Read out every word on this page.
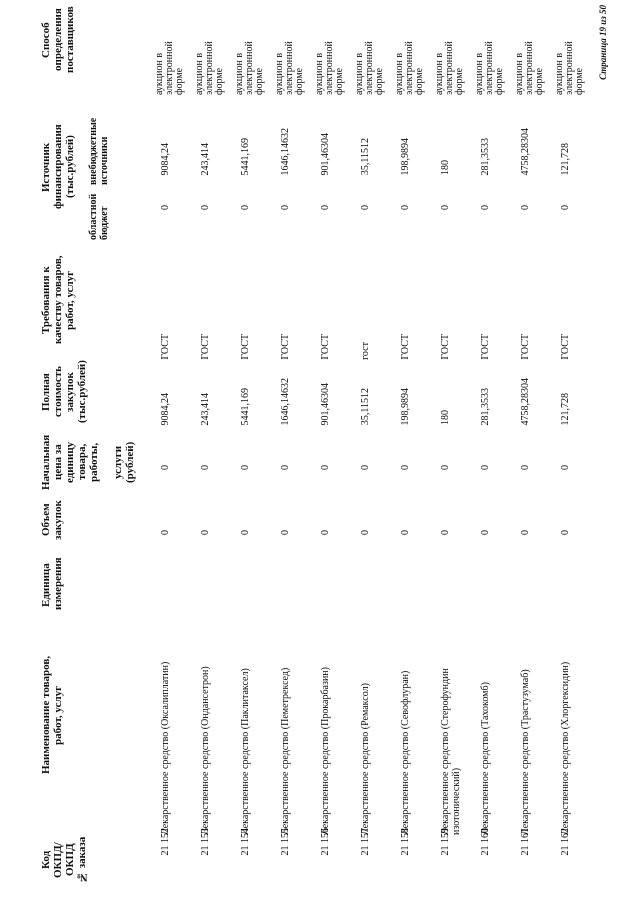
Код ОКПД/ ОКПД № заказа
Наименование товаров, работ, услуг
Единица измерения
Объем закупок
Начальная цена за единицу товара, работы, услуги (рублей)
Полная стоимость закупок (тыс.рублей)
Требования к качеству товаров, работ, услуг
Источник финансирования (тыс.рублей)
Способ определения поставщиков
областной бюджет
внебюджетные источники
21 152
Лекарственное средство (Оксалиплатин)
0
0
9084,24
ГОСТ
0
9084,24
аукцион в электронной форме
21 153
Лекарственное средство (Ондансетрон)
0
0
243,414
ГОСТ
0
243,414
аукцион в электронной форме
21 154
Лекарственное средство (Паклитаксел)
0
0
5441,169
ГОСТ
0
5441,169
аукцион в электронной форме
21 155
Лекарственное средство (Пеметрексед)
0
0
1646,14632
ГОСТ
0
1646,14632
аукцион в электронной форме
21 156
Лекарственное средство (Прокарбазин)
0
0
901,46304
ГОСТ
0
901,46304
аукцион в электронной форме
21 157
Лекарственное средство (Ремаксол)
0
0
35,11512
гост
0
35,11512
аукцион в электронной форме
21 158
Лекарственное средство (Севофлуран)
0
0
198,9894
ГОСТ
0
198,9894
аукцион в электронной форме
21 159
Лекарственное средство (Стерофундин изотонический)
0
0
180
ГОСТ
0
180
аукцион в электронной форме
21 160
Лекарственное средство (Тахокомб)
0
0
281,3533
ГОСТ
0
281,3533
аукцион в электронной форме
21 161
Лекарственное средство (Трастузумаб)
0
0
4758,28304
ГОСТ
0
4758,28304
аукцион в электронной форме
21 162
Лекарственное средство (Хлоргексидин)
0
0
121,728
ГОСТ
0
121,728
аукцион в электронной форме
Страница 19 из 50
